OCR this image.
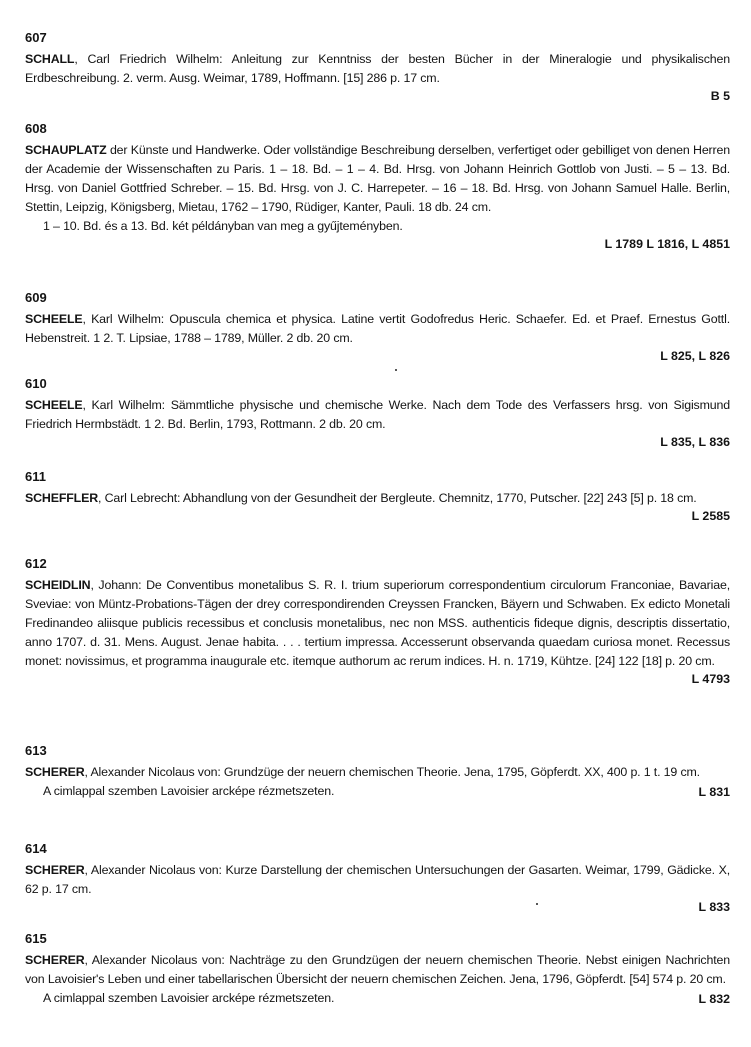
607

SCHALL, Carl Friedrich Wilhelm: Anleitung zur Kenntniss der besten Bücher in der Mineralogie und physikalischen Erdbeschreibung. 2. verm. Ausg. Weimar, 1789, Hoffmann. [15] 286 p. 17 cm.

B 5
608

SCHAUPLATZ der Künste und Handwerke. Oder vollständige Beschreibung derselben, verfertiget oder gebilliget von denen Herren der Academie der Wissenschaften zu Paris. 1 – 18. Bd. – 1 – 4. Bd. Hrsg. von Johann Heinrich Gottlob von Justi. – 5 – 13. Bd. Hrsg. von Daniel Gottfried Schreber. – 15. Bd. Hrsg. von J. C. Harrepeter. – 16 – 18. Bd. Hrsg. von Johann Samuel Halle. Berlin, Stettin, Leipzig, Königsberg, Mietau, 1762 – 1790, Rüdiger, Kanter, Pauli. 18 db. 24 cm.

1 – 10. Bd. és a 13. Bd. két példányban van meg a gyűjteményben.

L 1789 L 1816, L 4851
609

SCHEELE, Karl Wilhelm: Opuscula chemica et physica. Latine vertit Godofredus Heric. Schaefer. Ed. et Praef. Ernestus Gottl. Hebenstreit. 1 2. T. Lipsiae, 1788 – 1789, Müller. 2 db. 20 cm.

L 825, L 826
610

SCHEELE, Karl Wilhelm: Sämmtliche physische und chemische Werke. Nach dem Tode des Verfassers hrsg. von Sigismund Friedrich Hermbstädt. 1 2. Bd. Berlin, 1793, Rottmann. 2 db. 20 cm.

L 835, L 836
611

SCHEFFLER, Carl Lebrecht: Abhandlung von der Gesundheit der Bergleute. Chemnitz, 1770, Putscher. [22] 243 [5] p. 18 cm.

L 2585
612

SCHEIDLIN, Johann: De Conventibus monetalibus S. R. I. trium superiorum correspondentium circulorum Franconiae, Bavariae, Sveviae: von Müntz-Probations-Tägen der drey correspondirenden Creyssen Francken, Bäyern und Schwaben. Ex edicto Monetali Fredinandeo aliisque publicis recessibus et conclusis monetalibus, nec non MSS. authenticis fideque dignis, descriptis dissertatio, anno 1707. d. 31. Mens. August. Jenae habita. . . . tertium impressa. Accesserunt observanda quaedam curiosa monet. Recessus monet: novissimus, et programma inaugurale etc. itemque authorum ac rerum indices. H. n. 1719, Kühtze. [24] 122 [18] p. 20 cm.

L 4793
613

SCHERER, Alexander Nicolaus von: Grundzüge der neuern chemischen Theorie. Jena, 1795, Göpferdt. XX, 400 p. 1 t. 19 cm.

A cimlappal szemben Lavoisier arcképe rézmetszeten.	L 831
614

SCHERER, Alexander Nicolaus von: Kurze Darstellung der chemischen Untersuchungen der Gasarten. Weimar, 1799, Gädicke. X, 62 p. 17 cm.

L 833
615

SCHERER, Alexander Nicolaus von: Nachträge zu den Grundzügen der neuern chemischen Theorie. Nebst einigen Nachrichten von Lavoisier's Leben und einer tabellarischen Übersicht der neuern chemischen Zeichen. Jena, 1796, Göpferdt. [54] 574 p. 20 cm.

A cimlappal szemben Lavoisier arcképe rézmetszeten.	L 832
